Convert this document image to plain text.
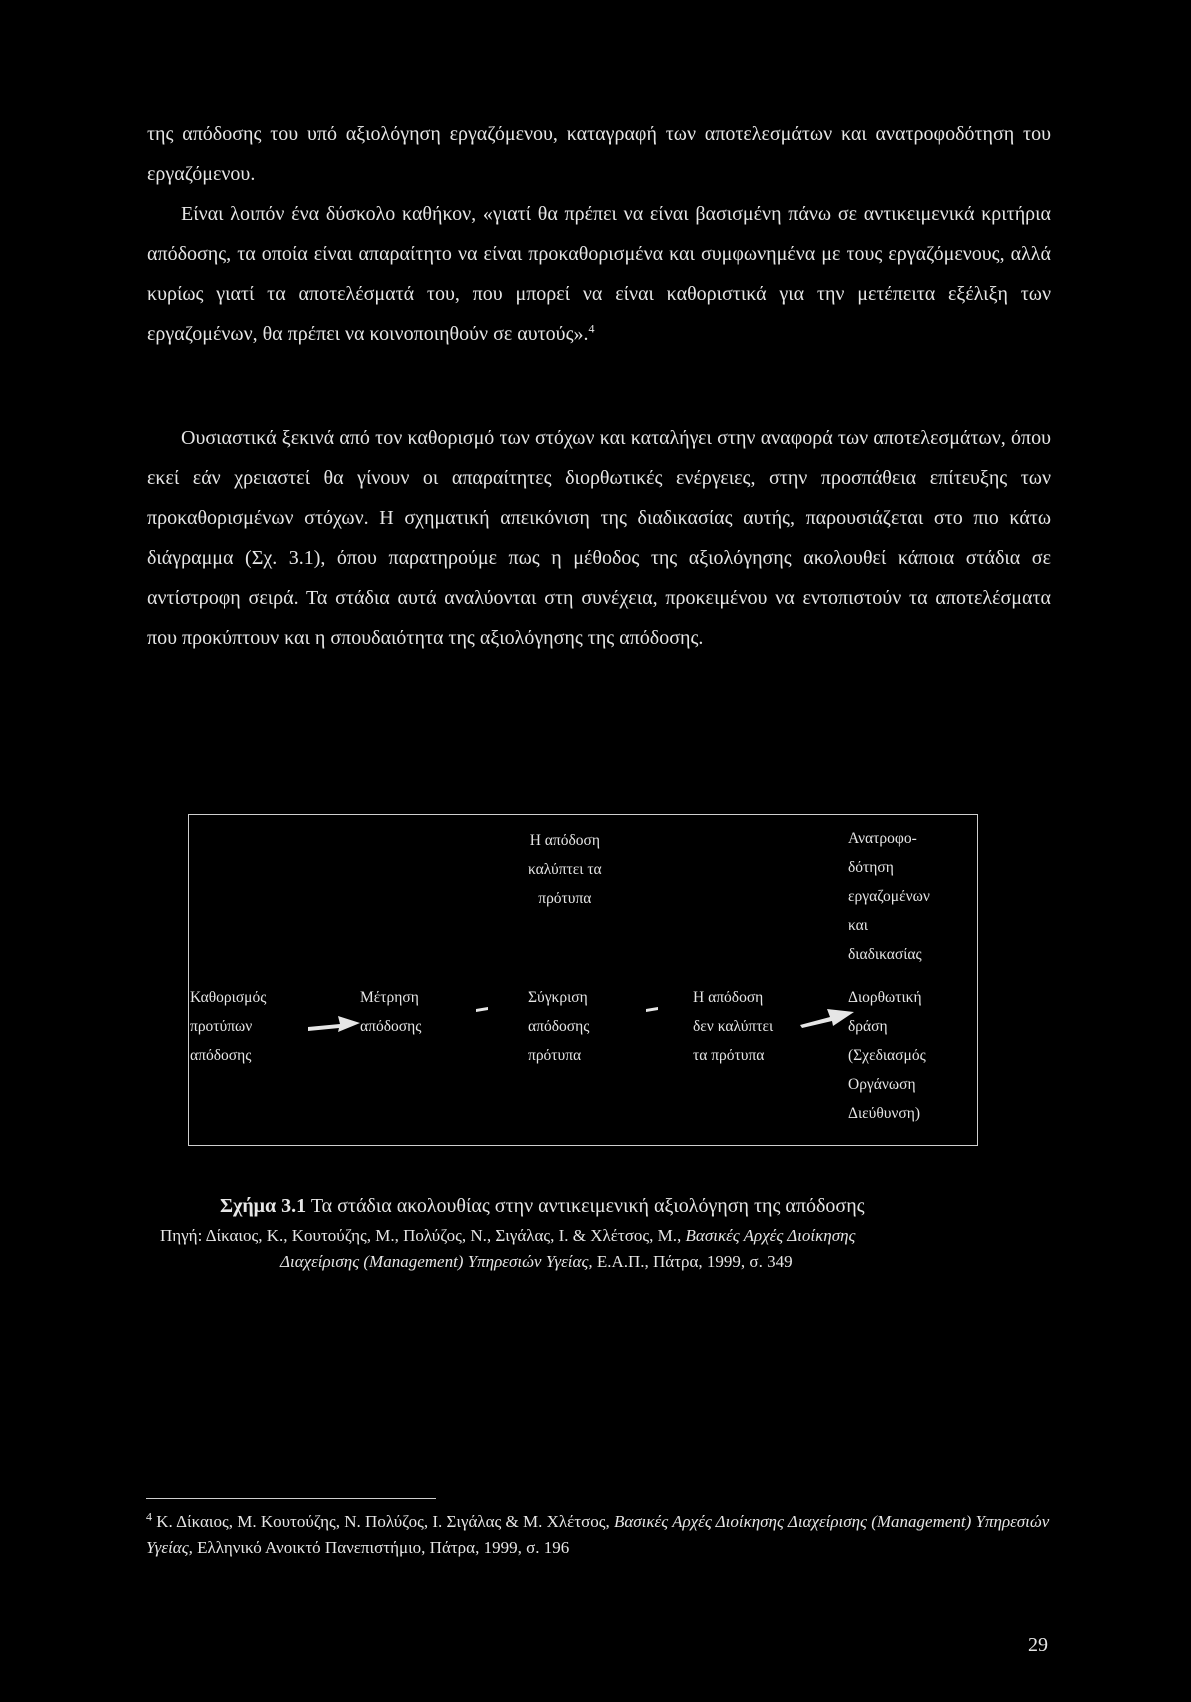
της απόδοσης του υπό αξιολόγηση εργαζόμενου, καταγραφή των αποτελεσμάτων και ανατροφοδότηση του εργαζόμενου.

Είναι λοιπόν ένα δύσκολο καθήκον, «γιατί θα πρέπει να είναι βασισμένη πάνω σε αντικειμενικά κριτήρια απόδοσης, τα οποία είναι απαραίτητο να είναι προκαθορισμένα και συμφωνημένα με τους εργαζόμενους, αλλά κυρίως γιατί τα αποτελέσματά του, που μπορεί να είναι καθοριστικά για την μετέπειτα εξέλιξη των εργαζομένων, θα πρέπει να κοινοποιηθούν σε αυτούς».$^4$

Ουσιαστικά ξεκινά από τον καθορισμό των στόχων και καταλήγει στην αναφορά των αποτελεσμάτων, όπου εκεί εάν χρειαστεί θα γίνουν οι απαραίτητες διορθωτικές ενέργειες, στην προσπάθεια επίτευξης των προκαθορισμένων στόχων. Η σχηματική απεικόνιση της διαδικασίας αυτής, παρουσιάζεται στο πιο κάτω διάγραμμα (Σχ. 3.1), όπου παρατηρούμε πως η μέθοδος της αξιολόγησης ακολουθεί κάποια στάδια σε αντίστροφη σειρά. Τα στάδια αυτά αναλύονται στη συνέχεια, προκειμένου να εντοπιστούν τα αποτελέσματα που προκύπτουν και η σπουδαιότητα της αξιολόγησης της απόδοσης.

Η απόδοση
καλύπτει τα
πρότυπα
Ανατροφο-
δότηση
εργαζομένων
και
διαδικασίας
Καθορισμός
προτύπων
απόδοσης
Μέτρηση
απόδοσης
Σύγκριση
απόδοσης
πρότυπα
Η απόδοση
δεν καλύπτει
τα πρότυπα
Διορθωτική
δράση
(Σχεδιασμός
Οργάνωση
Διεύθυνση)
Σχήμα 3.1 Τα στάδια ακολουθίας στην αντικειμενική αξιολόγηση της απόδοσης
Πηγή: Δίκαιος, Κ., Κουτούζης, Μ., Πολύζος, Ν., Σιγάλας, Ι. & Χλέτσος, Μ., Βασικές Αρχές Διοίκησης
Διαχείρισης (Management) Υπηρεσιών Υγείας, Ε.Α.Π., Πάτρα, 1999, σ. 349
$^4$ Κ. Δίκαιος, Μ. Κουτούζης, Ν. Πολύζος, Ι. Σιγάλας & Μ. Χλέτσος, Βασικές Αρχές Διοίκησης Διαχείρισης (Management) Υπηρεσιών Υγείας, Ελληνικό Ανοικτό Πανεπιστήμιο, Πάτρα, 1999, σ. 196
29
